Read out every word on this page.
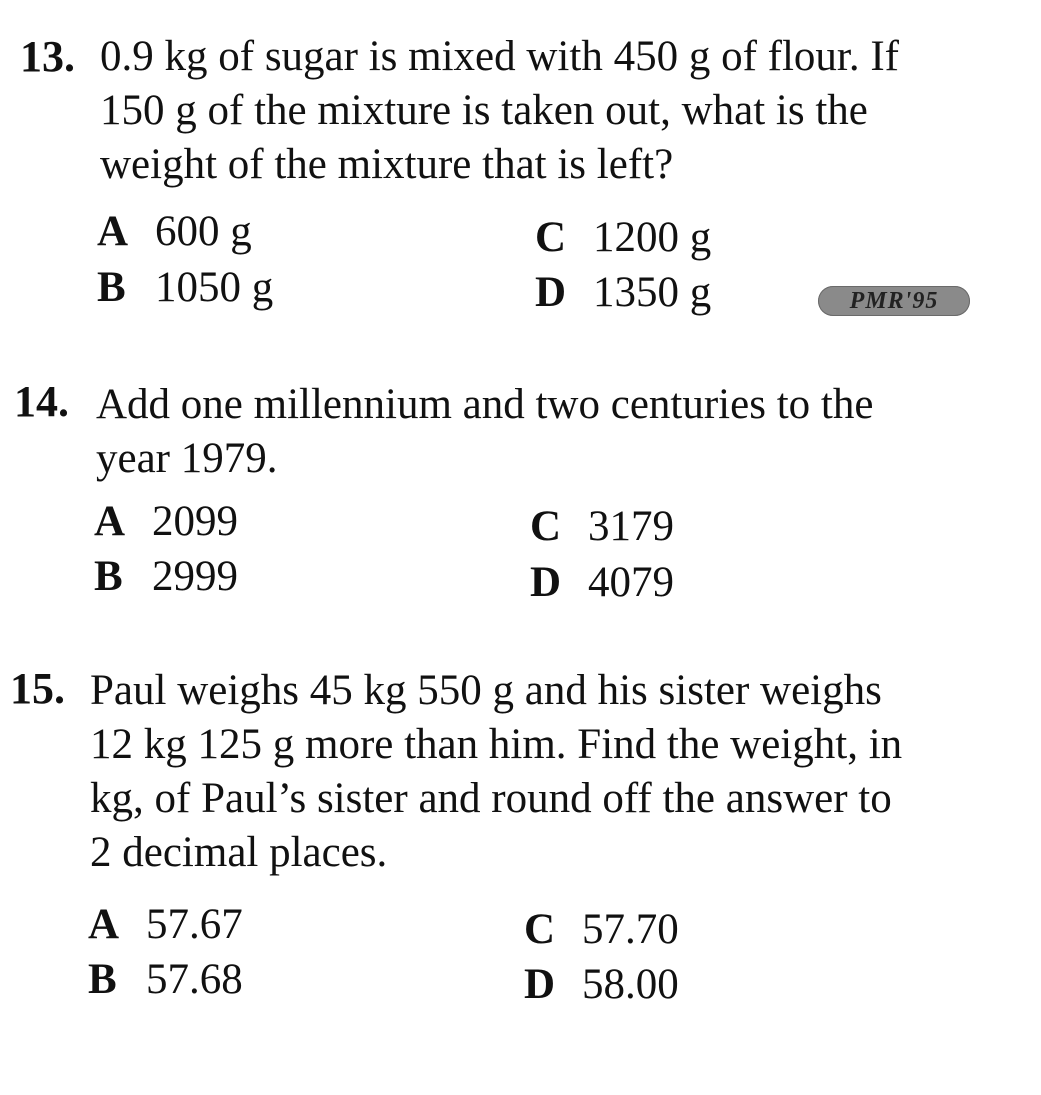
13. 0.9 kg of sugar is mixed with 450 g of flour. If
150 g of the mixture is taken out, what is the
weight of the mixture that is left?
A 600 g
B 1050 g
C 1200 g
D 1350 g	PMR'95
14. Add one millennium and two centuries to the
year 1979.
A 2099
B 2999
C 3179
D 4079
15. Paul weighs 45 kg 550 g and his sister weighs
12 kg 125 g more than him. Find the weight, in
kg, of Paul’s sister and round off the answer to
2 decimal places.
A 57.67
B 57.68
C 57.70
D 58.00
